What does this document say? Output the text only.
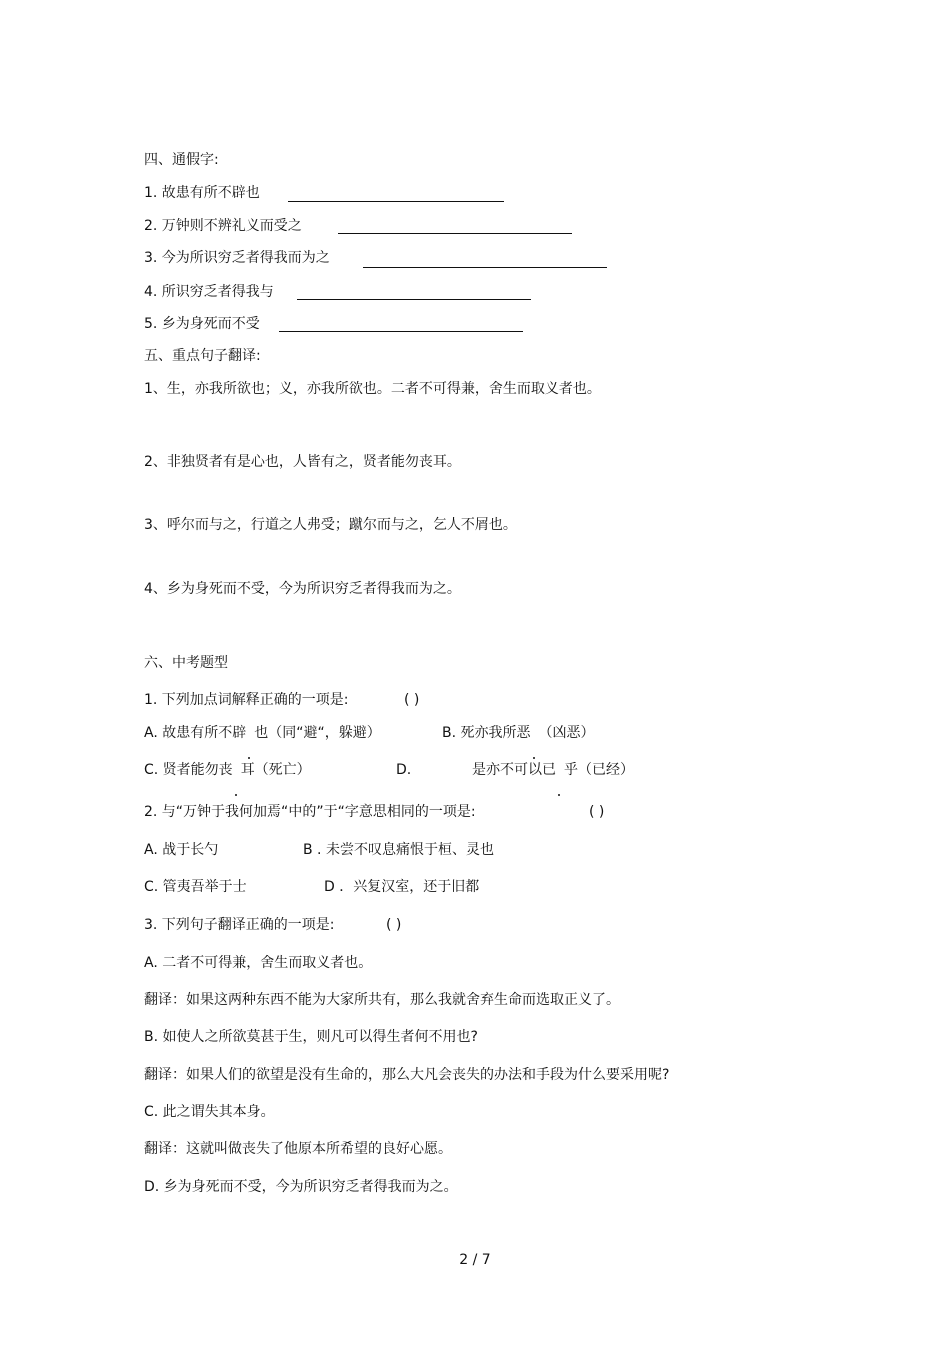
四、通假字:
1. 故患有所不辟也
2. 万钟则不辨礼义而受之
3. 今为所识穷乏者得我而为之
4. 所识穷乏者得我与
5. 乡为身死而不受
五、重点句子翻译:
1、生，亦我所欲也；义，亦我所欲也。二者不可得兼，舍生而取义者也。
2、非独贤者有是心也，人皆有之，贤者能勿丧耳。
3、呼尔而与之，行道之人弗受；蹴尔而与之，乞人不屑也。
4、乡为身死而不受，今为所识穷乏者得我而为之。
六、中考题型
1. 下列加点词解释正确的一项是:	( )
A. 故患有所不辟 也（同“避“，躲避）	B. 死亦我所恶 （凶恶）
C. 贤者能勿丧 耳（死亡）	D.	是亦不可以已 乎（已经）
2. 与“万钟于我何加焉“中的”于“字意思相同的一项是:	( )
A. 战于长勺	B . 未尝不叹息痛恨于桓、灵也
C. 管夷吾举于士	D ．兴复汉室，还于旧都
3. 下列句子翻译正确的一项是:	( )
A. 二者不可得兼，舍生而取义者也。
翻译：如果这两种东西不能为大家所共有，那么我就舍弃生命而选取正义了。
B. 如使人之所欲莫甚于生，则凡可以得生者何不用也?
翻译：如果人们的欲望是没有生命的，那么大凡会丧失的办法和手段为什么要采用呢?
C. 此之谓失其本身。
翻译：这就叫做丧失了他原本所希望的良好心愿。
D. 乡为身死而不受，今为所识穷乏者得我而为之。
2 / 7
